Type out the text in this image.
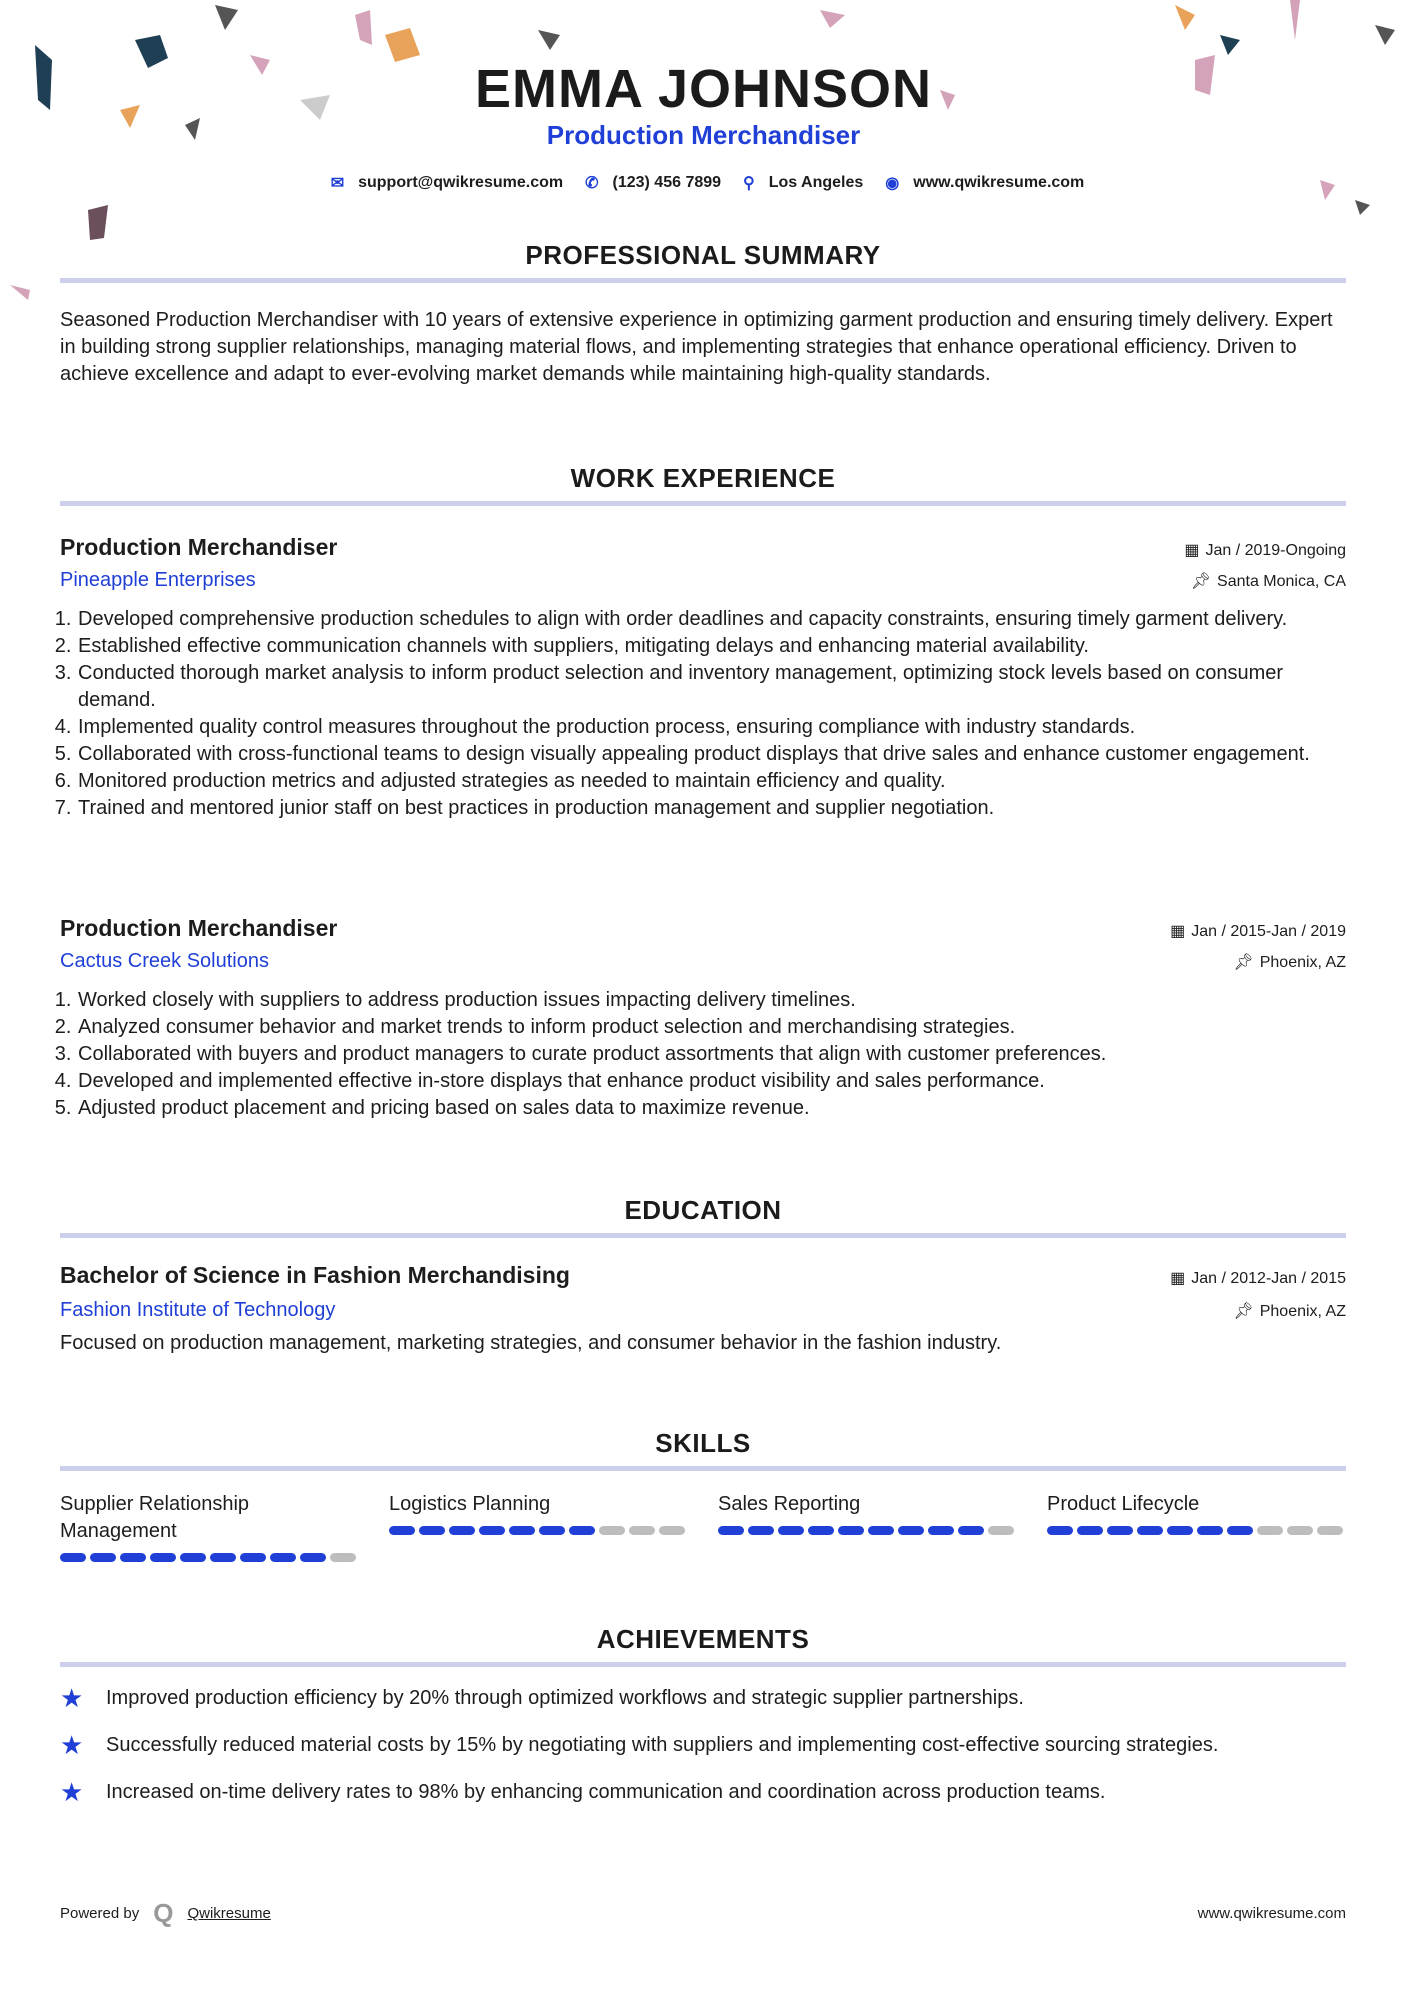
EMMA JOHNSON
Production Merchandiser
✉ support@qwikresume.com ✆ (123) 456 7899 ⚲ Los Angeles ◉ www.qwikresume.com
PROFESSIONAL SUMMARY

Seasoned Production Merchandiser with 10 years of extensive experience in optimizing garment production and ensuring timely delivery. Expert in building strong supplier relationships, managing material flows, and implementing strategies that enhance operational efficiency. Driven to achieve excellence and adapt to ever-evolving market demands while maintaining high-quality standards.

WORK EXPERIENCE
Production Merchandiser	▦ Jan / 2019-Ongoing
Pineapple Enterprises	📌︎ Santa Monica, CA
1. Developed comprehensive production schedules to align with order deadlines and capacity constraints, ensuring timely garment delivery.
2. Established effective communication channels with suppliers, mitigating delays and enhancing material availability.
3. Conducted thorough market analysis to inform product selection and inventory management, optimizing stock levels based on consumer demand.
4. Implemented quality control measures throughout the production process, ensuring compliance with industry standards.
5. Collaborated with cross-functional teams to design visually appealing product displays that drive sales and enhance customer engagement.
6. Monitored production metrics and adjusted strategies as needed to maintain efficiency and quality.
7. Trained and mentored junior staff on best practices in production management and supplier negotiation.
Production Merchandiser	▦ Jan / 2015-Jan / 2019
Cactus Creek Solutions	📌︎ Phoenix, AZ
1. Worked closely with suppliers to address production issues impacting delivery timelines.
2. Analyzed consumer behavior and market trends to inform product selection and merchandising strategies.
3. Collaborated with buyers and product managers to curate product assortments that align with customer preferences.
4. Developed and implemented effective in-store displays that enhance product visibility and sales performance.
5. Adjusted product placement and pricing based on sales data to maximize revenue.
EDUCATION
Bachelor of Science in Fashion Merchandising	▦ Jan / 2012-Jan / 2015
Fashion Institute of Technology	📌︎ Phoenix, AZ

Focused on production management, marketing strategies, and consumer behavior in the fashion industry.

SKILLS
Supplier Relationship Management
Logistics Planning	Sales Reporting	Product Lifecycle
ACHIEVEMENTS
★	Improved production efficiency by 20% through optimized workflows and strategic supplier partnerships.
★	Successfully reduced material costs by 15% by negotiating with suppliers and implementing cost-effective sourcing strategies.
★	Increased on-time delivery rates to 98% by enhancing communication and coordination across production teams.
Powered by Q Qwikresume	www.qwikresume.com
